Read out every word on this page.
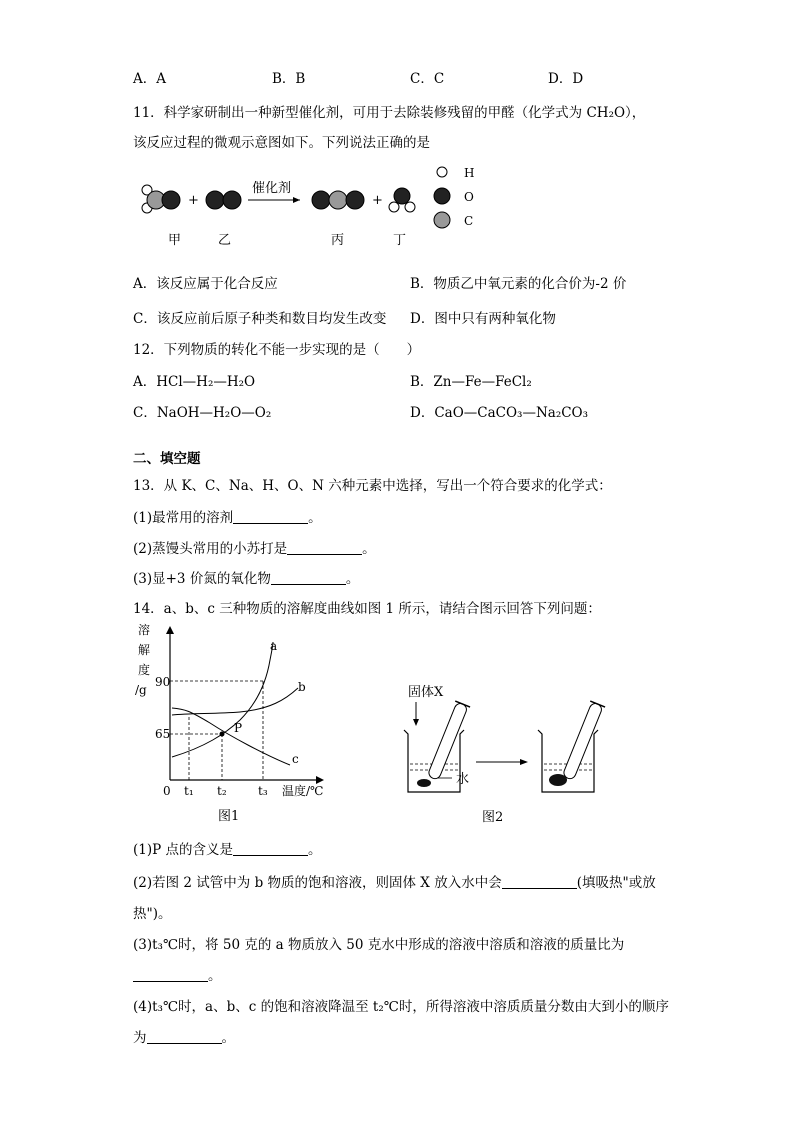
A．A	B．B	C．C	D．D
11．科学家研制出一种新型催化剂，可用于去除装修残留的甲醛（化学式为 CH₂O），
该反应过程的微观示意图如下。下列说法正确的是
+
催化剂
+
甲	乙	丙	丁
H
O
C
A．该反应属于化合反应	B．物质乙中氧元素的化合价为-2 价
C．该反应前后原子种类和数目均发生改变 D．图中只有两种氧化物
12．下列物质的转化不能一步实现的是（　　）
A．HCl—H₂—H₂O	B．Zn—Fe—FeCl₂
C．NaOH—H₂O—O₂	D．CaO—CaCO₃—Na₂CO₃
二、填空题
13．从 K、C、Na、H、O、N 六种元素中选择，写出一个符合要求的化学式：
(1)最常用的溶剂	。
(2)蒸馒头常用的小苏打是	。
(3)显+3 价氮的氧化物	。
14．a、b、c 三种物质的溶解度曲线如图 1 所示，请结合图示回答下列问题：
溶
解
度
/g
90
65	P
a
b
c
0 t₁ t₂	t₃ 温度/℃
图1
固体X
水
图2
(1)P 点的含义是	。
(2)若图 2 试管中为 b 物质的饱和溶液，则固体 X 放入水中会	(填吸热"或放
热")。
(3)t₃℃时，将 50 克的 a 物质放入 50 克水中形成的溶液中溶质和溶液的质量比为
。
(4)t₃℃时，a、b、c 的饱和溶液降温至 t₂℃时，所得溶液中溶质质量分数由大到小的顺序
为	。
